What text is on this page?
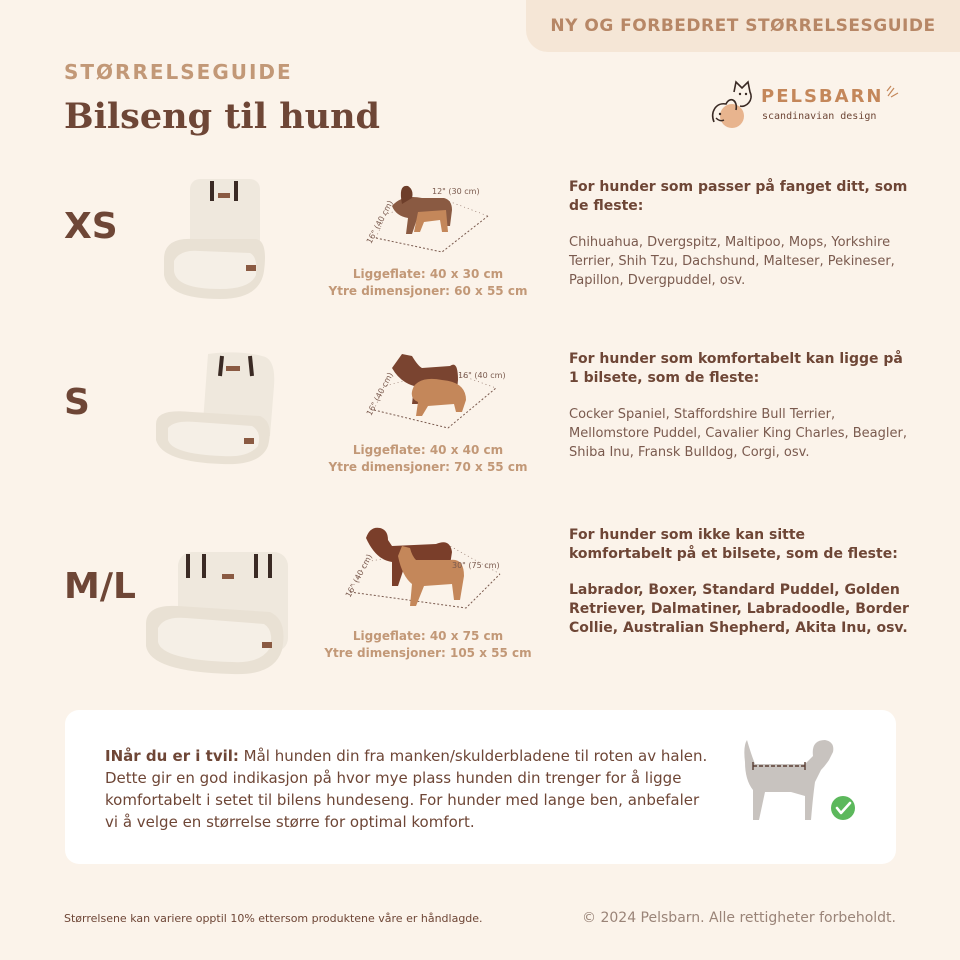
NY OG FORBEDRET STØRRELSESGUIDE
STØRRELSEGUIDE
Bilseng til hund	PELSBARN
scandinavian design
XS
12" (30 cm)
16" (40 cm)
Liggeflate: 40 x 30 cm
Ytre dimensjoner: 60 x 55 cm
For hunder som passer på fanget ditt, som de fleste:
Chihuahua, Dvergspitz, Maltipoo, Mops, Yorkshire Terrier, Shih Tzu, Dachshund, Malteser, Pekineser, Papillon, Dvergpuddel, osv.
S
16" (40 cm)
16" (40 cm)
Liggeflate: 40 x 40 cm
Ytre dimensjoner: 70 x 55 cm
For hunder som komfortabelt kan ligge på 1 bilsete, som de fleste:
Cocker Spaniel, Staffordshire Bull Terrier, Mellomstore Puddel, Cavalier King Charles, Beagler, Shiba Inu, Fransk Bulldog, Corgi, osv.
M/L
30" (75 cm)
16" (40 cm)
Liggeflate: 40 x 75 cm
Ytre dimensjoner: 105 x 55 cm
For hunder som ikke kan sitte komfortabelt på et bilsete, som de fleste:
Labrador, Boxer, Standard Puddel, Golden Retriever, Dalmatiner, Labradoodle, Border Collie, Australian Shepherd, Akita Inu, osv.
INår du er i tvil: Mål hunden din fra manken/skulderbladene til roten av halen. Dette gir en god indikasjon på hvor mye plass hunden din trenger for å ligge komfortabelt i setet til bilens hundeseng. For hunder med lange ben, anbefaler vi å velge en størrelse større for optimal komfort.
Størrelsene kan variere opptil 10% ettersom produktene våre er håndlagde.	© 2024 Pelsbarn. Alle rettigheter forbeholdt.
